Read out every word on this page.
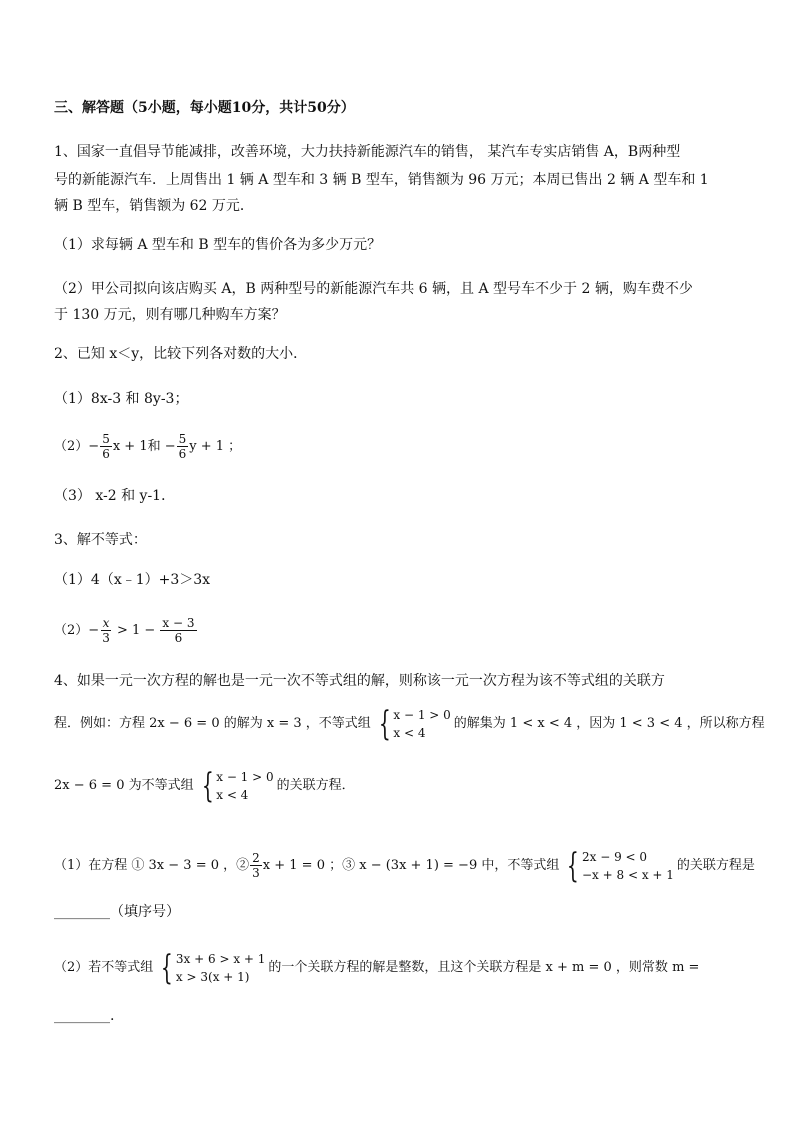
三、解答题（5小题，每小题10分，共计50分）
1、国家一直倡导节能减排，改善环境，大力扶持新能源汽车的销售， 某汽车专实店销售 A，B两种型
号的新能源汽车．上周售出 1 辆 A 型车和 3 辆 B 型车，销售额为 96 万元；本周已售出 2 辆 A 型车和 1
辆 B 型车，销售额为 62 万元．
（1）求每辆 A 型车和 B 型车的售价各为多少万元？
（2）甲公司拟向该店购买 A，B 两种型号的新能源汽车共 6 辆，且 A 型号车不少于 2 辆，购车费不少
于 130 万元，则有哪几种购车方案？
2、已知 x＜y，比较下列各对数的大小．
（1）8x-3 和 8y-3；
$(2)- \frac{5}{6}$ x + 1和 − $\frac{5}{6}$ y + 1 ；
（3） x-2 和 y-1．
3、解不等式：
（1）4（x﹣1）+3＞3x
$(2)- \frac{x}{3} > 1 - \frac{x - 3}{6}$
4、如果一元一次方程的解也是一元一次不等式组的解，则称该一元一次方程为该不等式组的关联方
程．例如：方程 2x − 6 = 0 的解为 x = 3 ，不等式组 { x − 1 > 0
x < 4
的解集为 1 < x < 4 ，因为 1 < 3 < 4 ，所以称方程
2x − 6 = 0 为不等式组 { x − 1 > 0
x < 4
的关联方程．
（1）在方程 ① 3x − 3 = 0 ，② $\frac{2}{3}$ x + 1 = 0 ；③ x − (3x + 1) = −9 中，不等式组 { 2x − 9 < 0
−x + 8 < x + 1
的关联方程是
________（填序号）
（2）若不等式组 { 3x + 6 > x + 1
x > 3(x + 1)
的一个关联方程的解是整数，且这个关联方程是 x + m = 0 ，则常数 m =
________.
